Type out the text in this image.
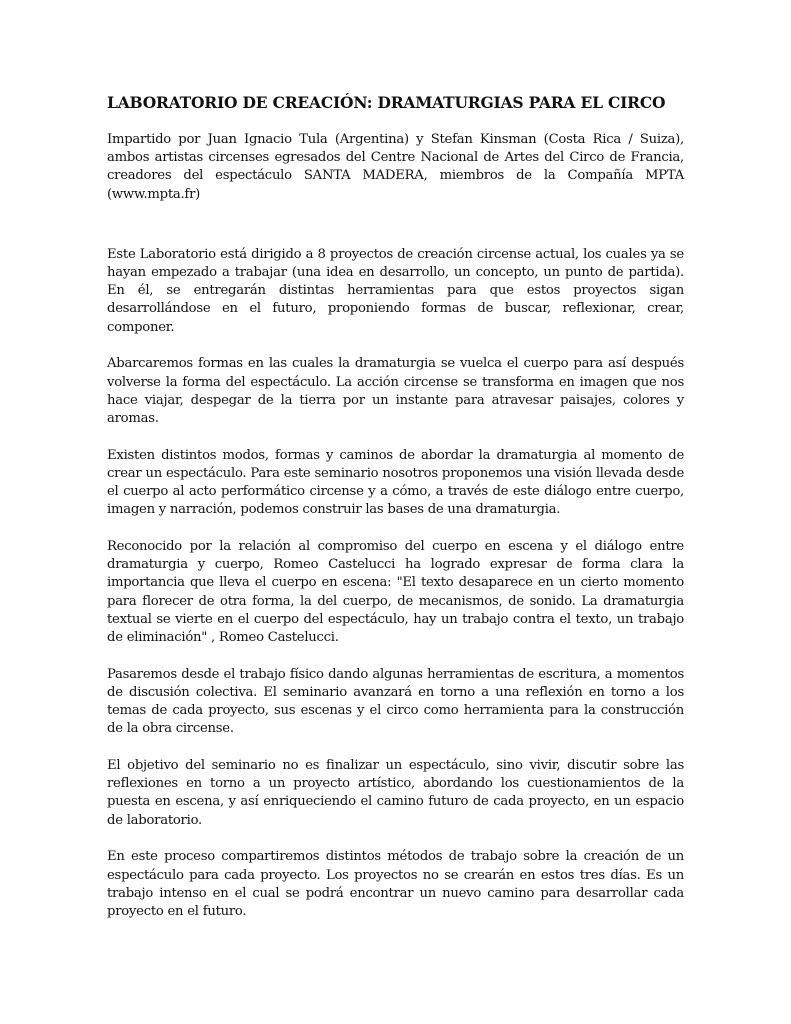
LABORATORIO DE CREACIÓN: DRAMATURGIAS PARA EL CIRCO

Impartido por Juan Ignacio Tula (Argentina) y Stefan Kinsman (Costa Rica / Suiza), ambos artistas circenses egresados del Centre Nacional de Artes del Circo de Francia, creadores del espectáculo SANTA MADERA, miembros de la Compañía MPTA (www.mpta.fr)

Este Laboratorio está dirigido a 8 proyectos de creación circense actual, los cuales ya se hayan empezado a trabajar (una idea en desarrollo, un concepto, un punto de partida). En él, se entregarán distintas herramientas para que estos proyectos sigan desarrollándose en el futuro, proponiendo formas de buscar, reflexionar, crear, componer.

Abarcaremos formas en las cuales la dramaturgia se vuelca el cuerpo para así después volverse la forma del espectáculo. La acción circense se transforma en imagen que nos hace viajar, despegar de la tierra por un instante para atravesar paisajes, colores y aromas.

Existen distintos modos, formas y caminos de abordar la dramaturgia al momento de crear un espectáculo. Para este seminario nosotros proponemos una visión llevada desde el cuerpo al acto performático circense y a cómo, a través de este diálogo entre cuerpo, imagen y narración, podemos construir las bases de una dramaturgia.

Reconocido por la relación al compromiso del cuerpo en escena y el diálogo entre dramaturgia y cuerpo, Romeo Castelucci ha logrado expresar de forma clara la importancia que lleva el cuerpo en escena: "El texto desaparece en un cierto momento para florecer de otra forma, la del cuerpo, de mecanismos, de sonido. La dramaturgia textual se vierte en el cuerpo del espectáculo, hay un trabajo contra el texto, un trabajo de eliminación" , Romeo Castelucci.

Pasaremos desde el trabajo físico dando algunas herramientas de escritura, a momentos de discusión colectiva. El seminario avanzará en torno a una reflexión en torno a los temas de cada proyecto, sus escenas y el circo como herramienta para la construcción de la obra circense.

El objetivo del seminario no es finalizar un espectáculo, sino vivir, discutir sobre las reflexiones en torno a un proyecto artístico, abordando los cuestionamientos de la puesta en escena, y así enriqueciendo el camino futuro de cada proyecto, en un espacio de laboratorio.

En este proceso compartiremos distintos métodos de trabajo sobre la creación de un espectáculo para cada proyecto. Los proyectos no se crearán en estos tres días. Es un trabajo intenso en el cual se podrá encontrar un nuevo camino para desarrollar cada proyecto en el futuro.
